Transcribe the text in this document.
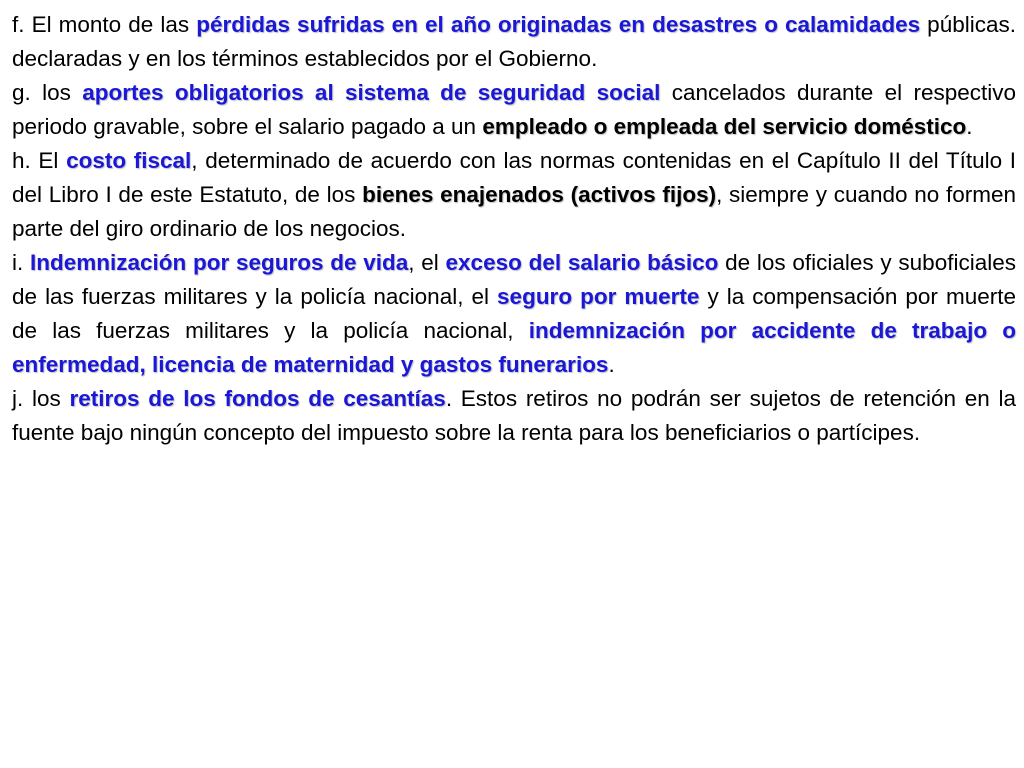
f. El monto de las pérdidas sufridas en el año originadas en desastres o calamidades públicas. declaradas y en los términos establecidos por el Gobierno.

g. los aportes obligatorios al sistema de seguridad social cancelados durante el respectivo periodo gravable, sobre el salario pagado a un empleado o empleada del servicio doméstico.

h. El costo fiscal, determinado de acuerdo con las normas contenidas en el Capítulo II del Título I del Libro I de este Estatuto, de los bienes enajenados (activos fijos), siempre y cuando no formen parte del giro ordinario de los negocios.

i. Indemnización por seguros de vida, el exceso del salario básico de los oficiales y suboficiales de las fuerzas militares y la policía nacional, el seguro por muerte y la compensación por muerte de las fuerzas militares y la policía nacional, indemnización por accidente de trabajo o enfermedad, licencia de maternidad y gastos funerarios.

j. los retiros de los fondos de cesantías. Estos retiros no podrán ser sujetos de retención en la fuente bajo ningún concepto del impuesto sobre la renta para los beneficiarios o partícipes.
